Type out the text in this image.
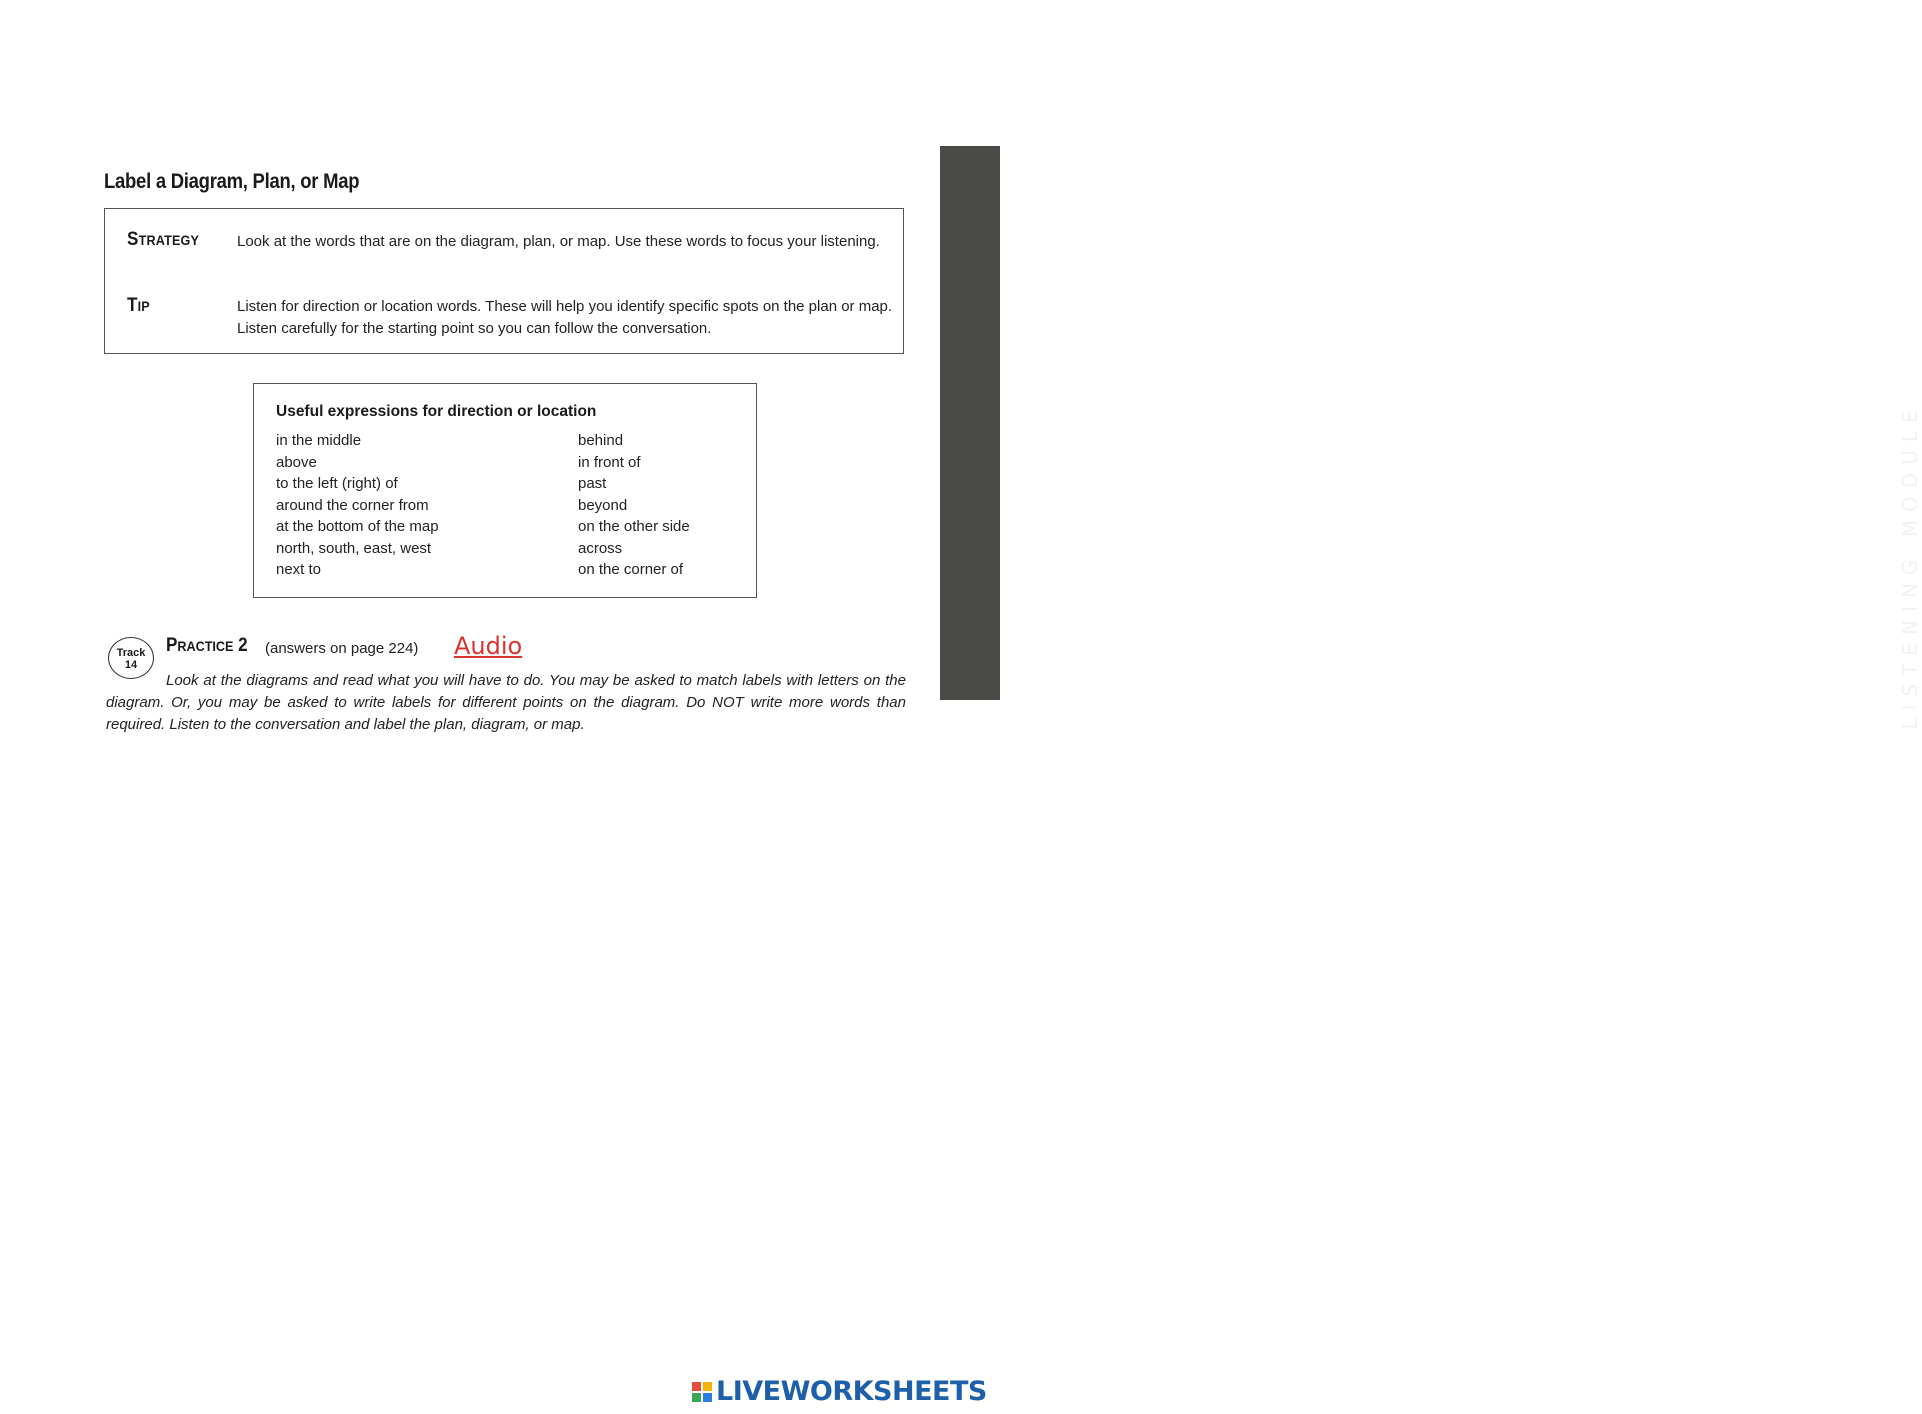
Label a Diagram, Plan, or Map
STRATEGY	Look at the words that are on the diagram, plan, or map. Use these words to focus your listening.
TIP	Listen for direction or location words. These will help you identify specific spots on the plan or map. Listen carefully for the starting point so you can follow the conversation.
Useful expressions for direction or location
in the middle
above
to the left (right) of
around the corner from
at the bottom of the map
north, south, east, west
next to
behind
in front of
past
beyond
on the other side
across
on the corner of
Track
14
PRACTICE 2 (answers on page 224) Audio
Look at the diagrams and read what you will have to do. You may be asked to match labels with letters on the diagram. Or, you may be asked to write labels for different points on the diagram. Do NOT write more words than required. Listen to the conversation and label the plan, diagram, or map.	LISTENING MODULE
LIVEWORKSHEETS
